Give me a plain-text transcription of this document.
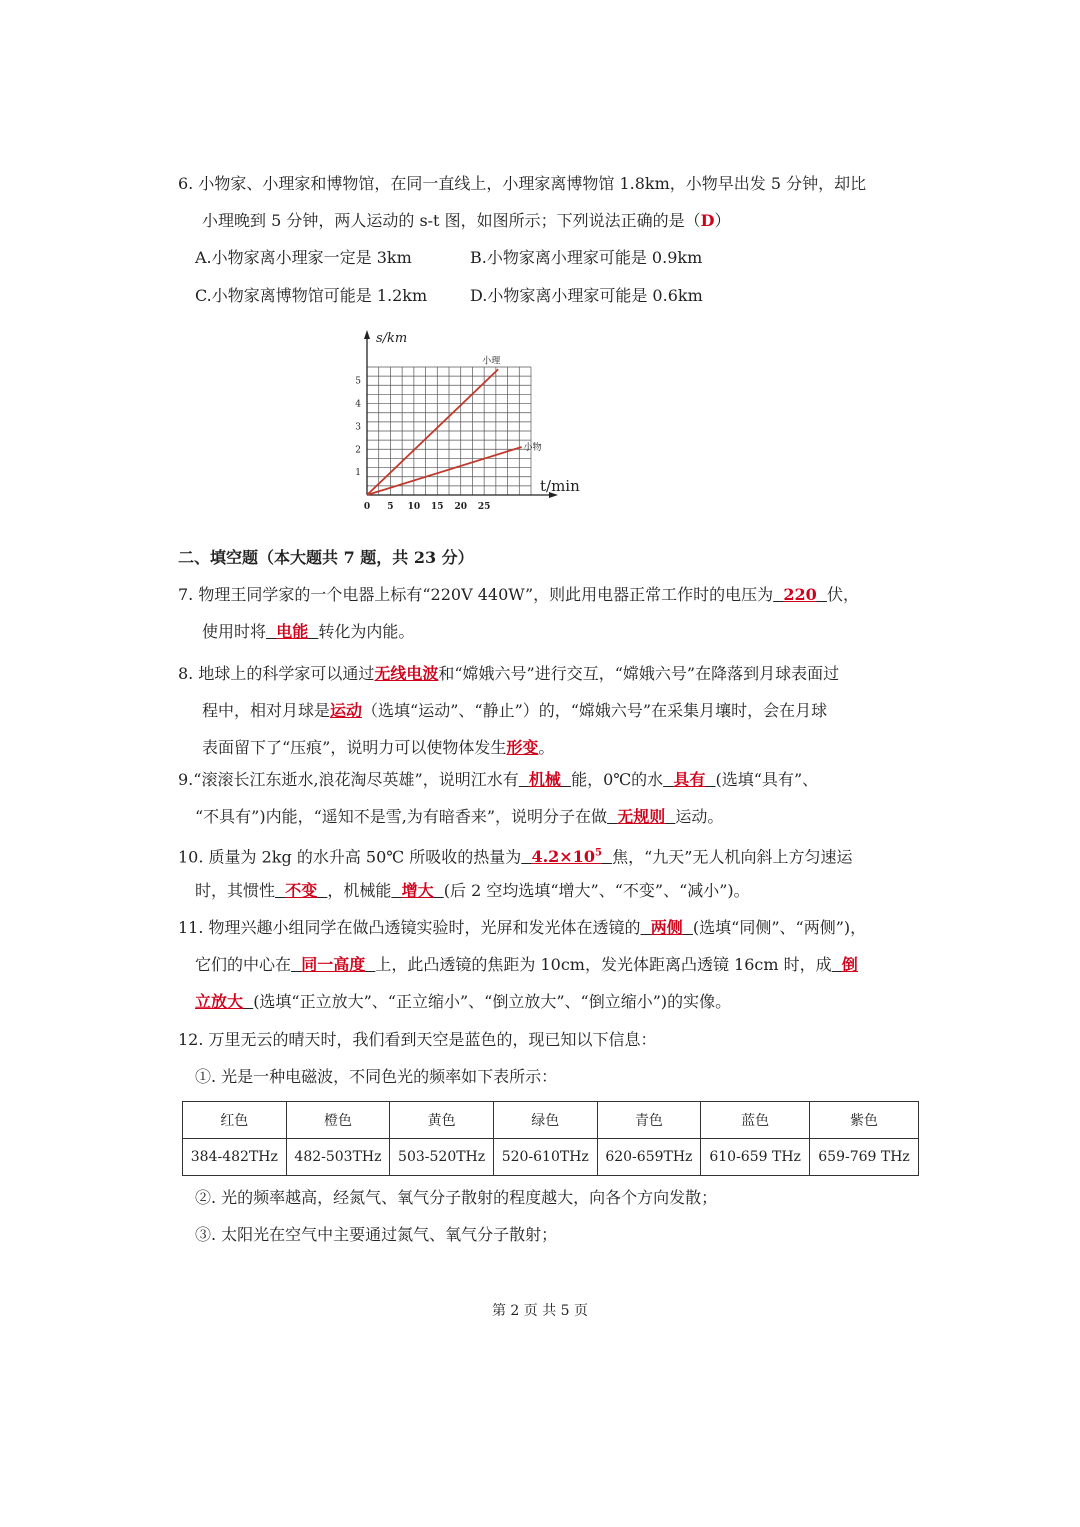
6. 小物家、小理家和博物馆，在同一直线上，小理家离博物馆 1.8km，小物早出发 5 分钟，却比
小理晚到 5 分钟，两人运动的 s-t 图，如图所示；下列说法正确的是（D）
A.小物家离小理家一定是 3km	B.小物家离小理家可能是 0.9km
C.小物家离博物馆可能是 1.2km	D.小物家离小理家可能是 0.6km
s/km
t/min
0 5 10 15 20 25
1
2
3
4
5
小理
小物
二、填空题（本大题共 7 题，共 23 分）
7. 物理王同学家的一个电器上标有“220V 440W”，则此用电器正常工作时的电压为 220 伏，
使用时将 电能 转化为内能。
8. 地球上的科学家可以通过无线电波和“嫦娥六号”进行交互，“嫦娥六号”在降落到月球表面过
程中，相对月球是运动（选填“运动”、“静止”）的，“嫦娥六号”在采集月壤时，会在月球
表面留下了“压痕”，说明力可以使物体发生形变。
9.“滚滚长江东逝水,浪花淘尽英雄”，说明江水有 机械 能，0℃的水 具有 (选填“具有”、
“不具有”)内能，“遥知不是雪,为有暗香来”，说明分子在做 无规则 运动。
10. 质量为 2kg 的水升高 50℃ 所吸收的热量为 $4.2\times 10^5$ 焦，“九天”无人机向斜上方匀速运
时，其惯性 不变 ，机械能 增大 (后 2 空均选填“增大”、“不变”、“减小”)。
11. 物理兴趣小组同学在做凸透镜实验时，光屏和发光体在透镜的 两侧 (选填“同侧”、“两侧”)，
它们的中心在 同一高度 上，此凸透镜的焦距为 10cm，发光体距离凸透镜 16cm 时，成 倒
立放大 (选填“正立放大”、“正立缩小”、“倒立放大”、“倒立缩小”)的实像。
12. 万里无云的晴天时，我们看到天空是蓝色的，现已知以下信息：
①. 光是一种电磁波，不同色光的频率如下表所示：
红色	橙色	黄色	绿色	青色	蓝色	紫色
384-482THz	482-503THz	503-520THz	520-610THz	620-659THz	610-659 THz	659-769 THz
②. 光的频率越高，经氮气、氧气分子散射的程度越大，向各个方向发散；
③. 太阳光在空气中主要通过氮气、氧气分子散射；
第 2 页 共 5 页
